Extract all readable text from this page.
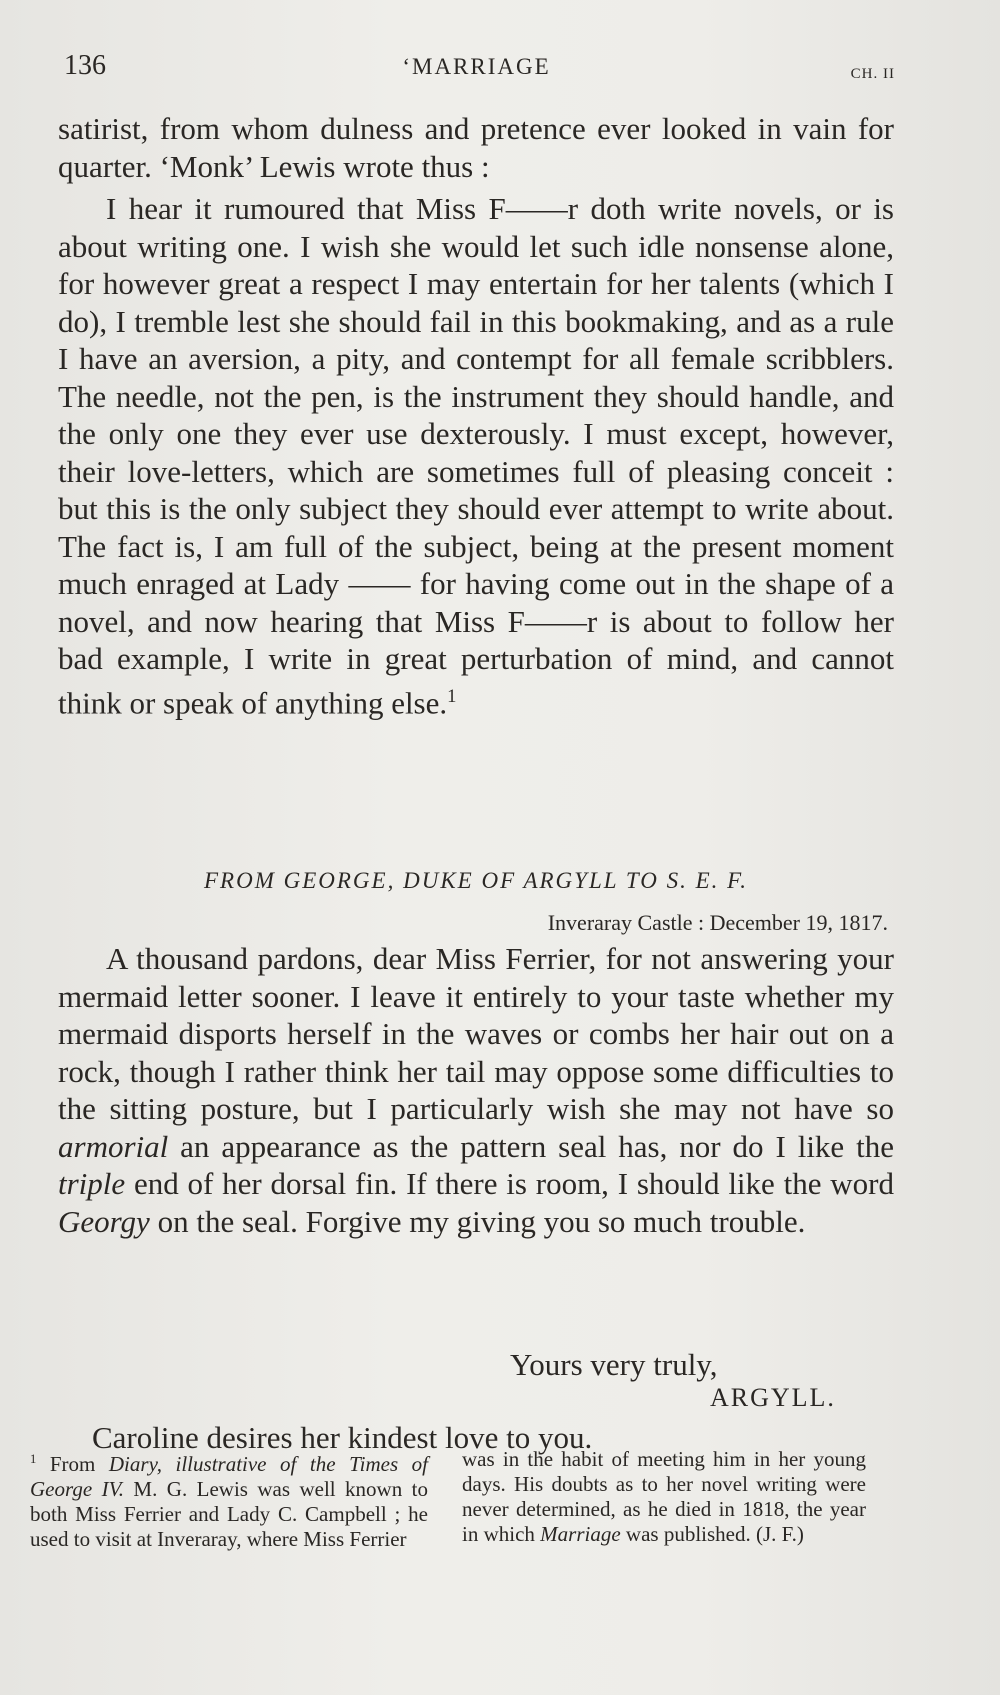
136	‘MARRIAGE	CH. II

satirist, from whom dulness and pretence ever looked in vain for quarter. ‘Monk’ Lewis wrote thus :

I hear it rumoured that Miss F——r doth write novels, or is about writing one. I wish she would let such idle nonsense alone, for however great a respect I may entertain for her talents (which I do), I tremble lest she should fail in this bookmaking, and as a rule I have an aversion, a pity, and contempt for all female scribblers. The needle, not the pen, is the instrument they should handle, and the only one they ever use dexterously. I must except, however, their love-letters, which are sometimes full of pleasing conceit : but this is the only subject they should ever attempt to write about. The fact is, I am full of the subject, being at the present moment much enraged at Lady —— for having come out in the shape of a novel, and now hearing that Miss F——r is about to follow her bad example, I write in great perturbation of mind, and cannot think or speak of anything else.$^1$

FROM GEORGE, DUKE OF ARGYLL TO S. E. F.
Inveraray Castle : December 19, 1817.

A thousand pardons, dear Miss Ferrier, for not answering your mermaid letter sooner. I leave it entirely to your taste whether my mermaid disports herself in the waves or combs her hair out on a rock, though I rather think her tail may oppose some difficulties to the sitting posture, but I particularly wish she may not have so armorial an appearance as the pattern seal has, nor do I like the triple end of her dorsal fin. If there is room, I should like the word Georgy on the seal. Forgive my giving you so much trouble.

Yours very truly,
ARGYLL.
Caroline desires her kindest love to you.
$^1$ From Diary, illustrative of the Times of George IV. M. G. Lewis was well known to both Miss Ferrier and Lady C. Campbell ; he used to visit at Inveraray, where Miss Ferrier
was in the habit of meeting him in her young days. His doubts as to her novel writing were never determined, as he died in 1818, the year in which Marriage was published. (J. F.)
